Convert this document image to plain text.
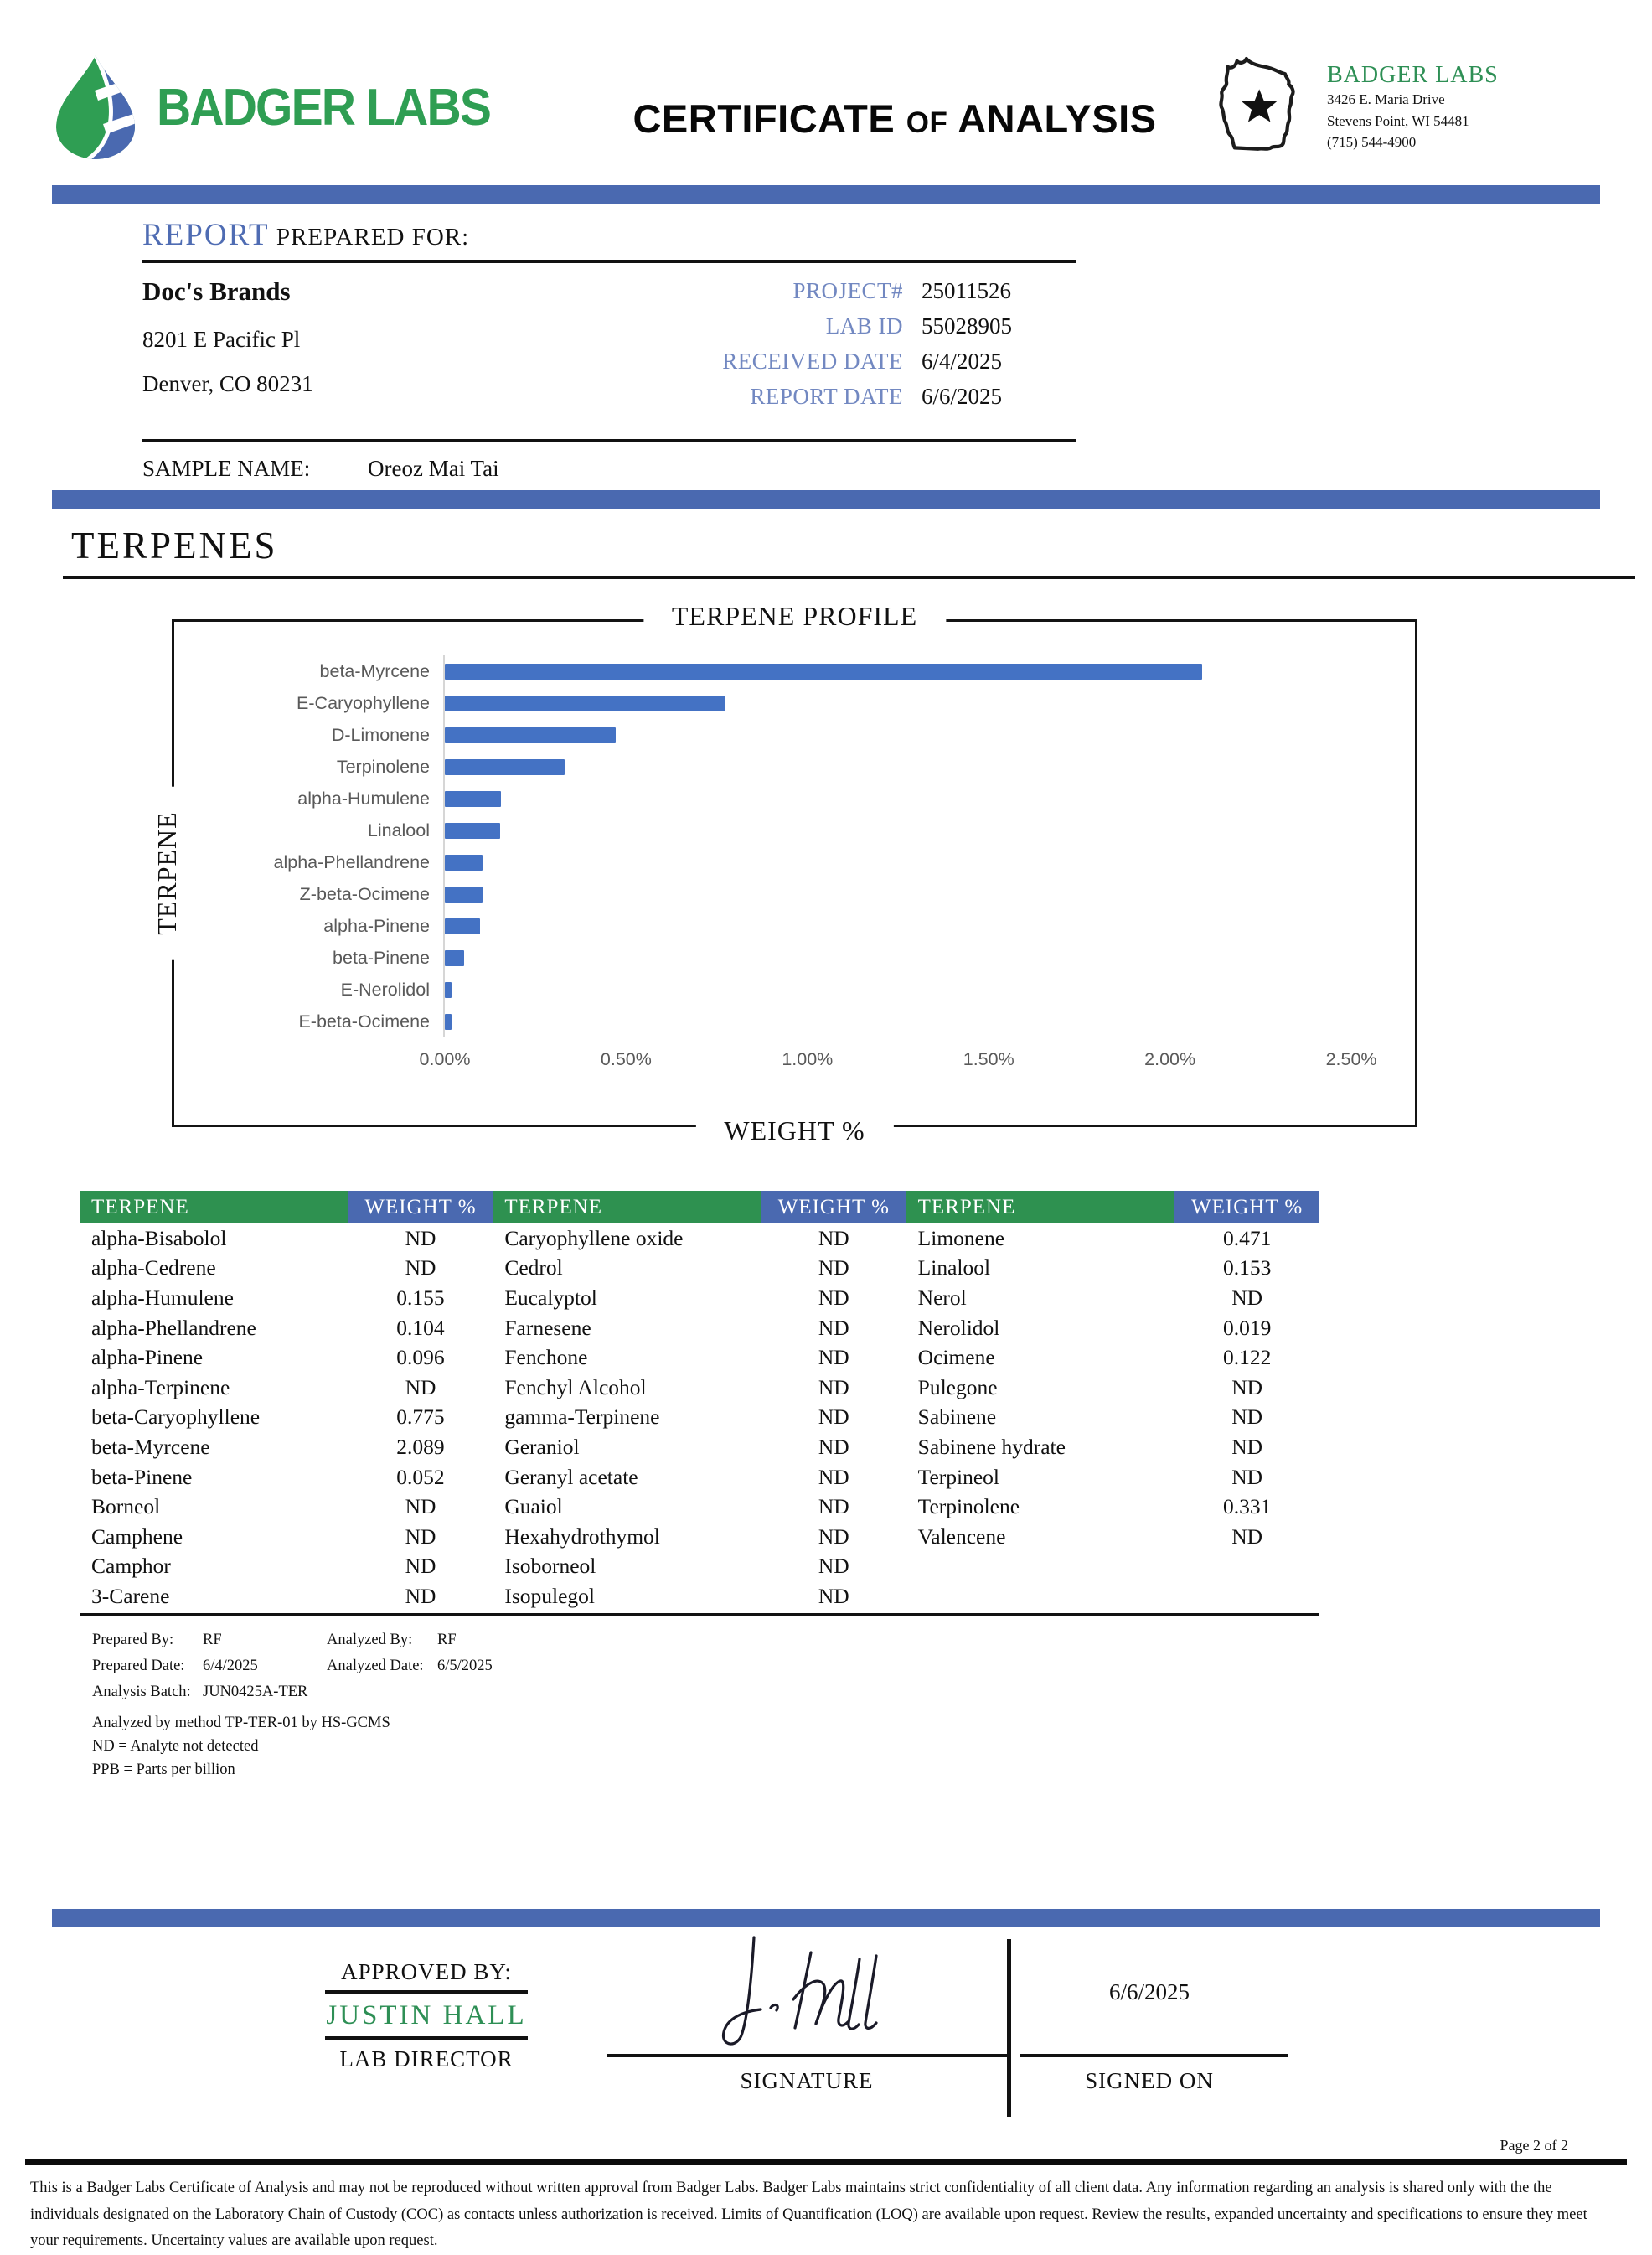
BADGER LABS	CERTIFICATE OF ANALYSIS
BADGER LABS
3426 E. Maria Drive
Stevens Point, WI 54481
(715) 544-4900
REPORT PREPARED FOR:
Doc's Brands
8201 E Pacific Pl
Denver, CO 80231
PROJECT# 25011526
LAB ID 55028905
RECEIVED DATE 6/4/2025
REPORT DATE 6/6/2025
SAMPLE NAME:	Oreoz Mai Tai
TERPENES
TERPENE PROFILE
TERPENE
beta-Myrcene
E-Caryophyllene
D-Limonene
Terpinolene
alpha-Humulene
Linalool
alpha-Phellandrene
Z-beta-Ocimene
alpha-Pinene
beta-Pinene
E-Nerolidol
E-beta-Ocimene
0.00%	0.50%	1.00%	1.50%	2.00%	2.50%
WEIGHT %
TERPENE	WEIGHT %
alpha-Bisabolol	ND
alpha-Cedrene	ND
alpha-Humulene	0.155
alpha-Phellandrene	0.104
alpha-Pinene	0.096
alpha-Terpinene	ND
beta-Caryophyllene	0.775
beta-Myrcene	2.089
beta-Pinene	0.052
Borneol	ND
Camphene	ND
Camphor	ND
3-Carene	ND
TERPENE	WEIGHT %
Caryophyllene oxide	ND
Cedrol	ND
Eucalyptol	ND
Farnesene	ND
Fenchone	ND
Fenchyl Alcohol	ND
gamma-Terpinene	ND
Geraniol	ND
Geranyl acetate	ND
Guaiol	ND
Hexahydrothymol	ND
Isoborneol	ND
Isopulegol	ND
TERPENE	WEIGHT %
Limonene	0.471
Linalool	0.153
Nerol	ND
Nerolidol	0.019
Ocimene	0.122
Pulegone	ND
Sabinene	ND
Sabinene hydrate	ND
Terpineol	ND
Terpinolene	0.331
Valencene	ND
Prepared By:	RF	Analyzed By:	RF
Prepared Date:	6/4/2025	Analyzed Date: 6/5/2025
Analysis Batch: JUN0425A-TER
Analyzed by method TP-TER-01 by HS-GCMS
ND = Analyte not detected
PPB = Parts per billion
APPROVED BY:
JUSTIN HALL
LAB DIRECTOR
SIGNATURE
6/6/2025
SIGNED ON
Page 2 of 2
This is a Badger Labs Certificate of Analysis and may not be reproduced without written approval from Badger Labs. Badger Labs maintains strict confidentiality of all client data. Any information regarding an analysis is shared only with the the individuals designated on the Laboratory Chain of Custody (COC) as contacts unless authorization is received. Limits of Quantification (LOQ) are available upon request. Review the results, expanded uncertainty and specifications to ensure they meet your requirements. Uncertainty values are available upon request.
